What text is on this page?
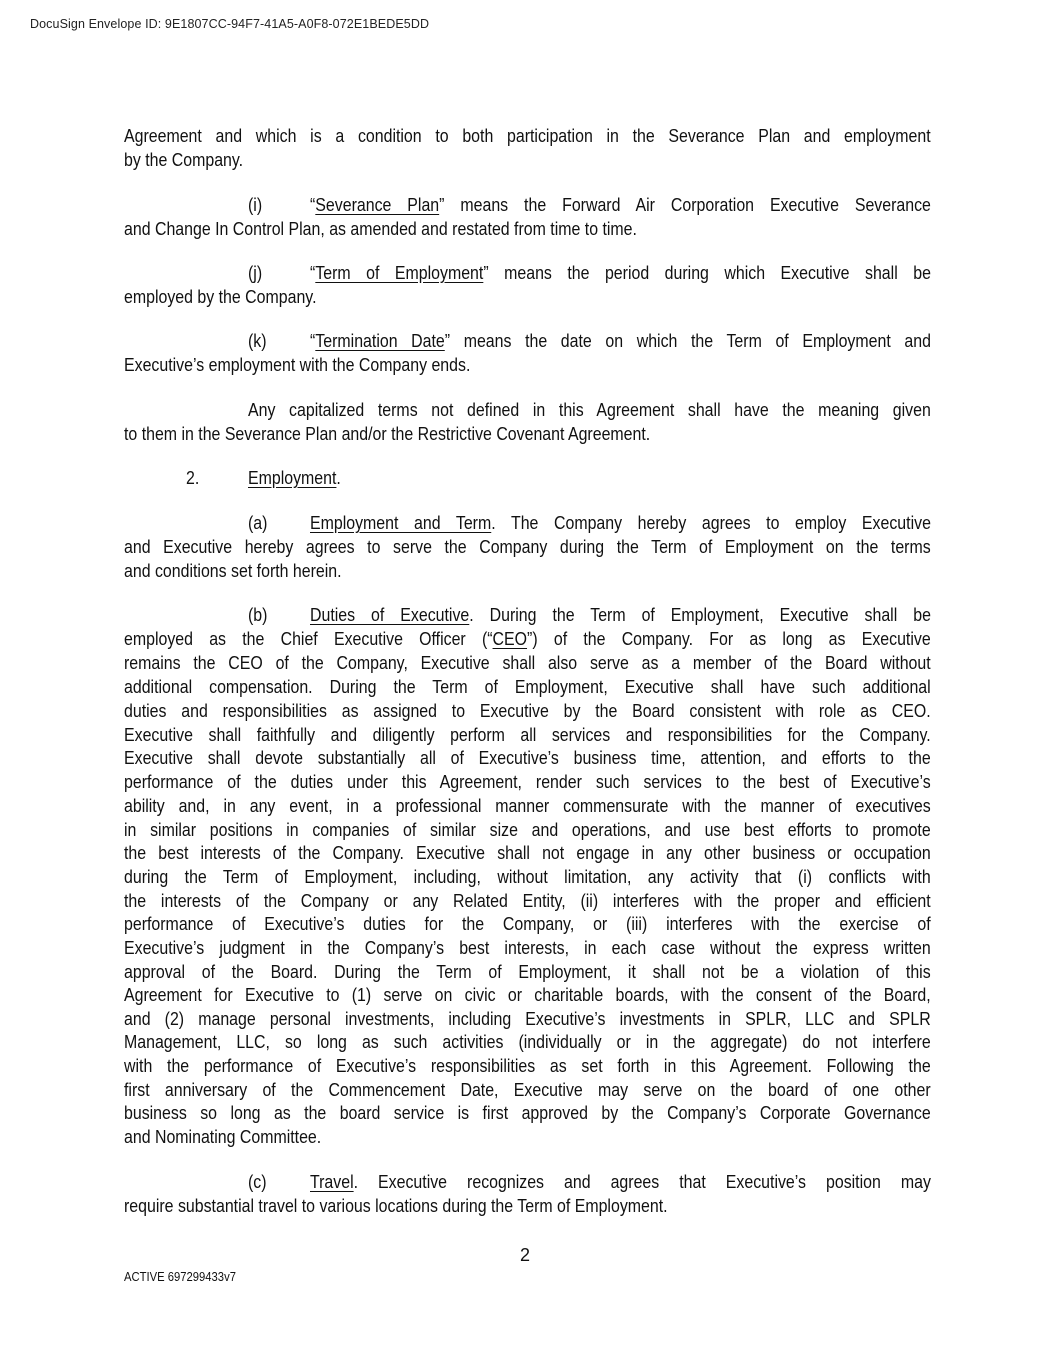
DocuSign Envelope ID: 9E1807CC-94F7-41A5-A0F8-072E1BEDE5DD
Agreement and which is a condition to both participation in the Severance Plan and employment
by the Company.
(i)	“Severance Plan” means the Forward Air Corporation Executive Severance
and Change In Control Plan, as amended and restated from time to time.
(j)	“Term of Employment” means the period during which Executive shall be
employed by the Company.
(k) “Termination Date” means the date on which the Term of Employment and
Executive’s employment with the Company ends.
Any capitalized terms not defined in this Agreement shall have the meaning given
to them in the Severance Plan and/or the Restrictive Covenant Agreement.
2.	Employment.
(a) Employment and Term. The Company hereby agrees to employ Executive
and Executive hereby agrees to serve the Company during the Term of Employment on the terms
and conditions set forth herein.
(b) Duties of Executive. During the Term of Employment, Executive shall be
employed as the Chief Executive Officer (“CEO”) of the Company. For as long as Executive
remains the CEO of the Company, Executive shall also serve as a member of the Board without
additional compensation. During the Term of Employment, Executive shall have such additional
duties and responsibilities as assigned to Executive by the Board consistent with role as CEO.
Executive shall faithfully and diligently perform all services and responsibilities for the Company.
Executive shall devote substantially all of Executive’s business time, attention, and efforts to the
performance of the duties under this Agreement, render such services to the best of Executive’s
ability and, in any event, in a professional manner commensurate with the manner of executives
in similar positions in companies of similar size and operations, and use best efforts to promote
the best interests of the Company. Executive shall not engage in any other business or occupation
during the Term of Employment, including, without limitation, any activity that (i) conflicts with
the interests of the Company or any Related Entity, (ii) interferes with the proper and efficient
performance of Executive’s duties for the Company, or (iii) interferes with the exercise of
Executive’s judgment in the Company’s best interests, in each case without the express written
approval of the Board. During the Term of Employment, it shall not be a violation of this
Agreement for Executive to (1) serve on civic or charitable boards, with the consent of the Board,
and (2) manage personal investments, including Executive’s investments in SPLR, LLC and SPLR
Management, LLC, so long as such activities (individually or in the aggregate) do not interfere
with the performance of Executive’s responsibilities as set forth in this Agreement. Following the
first anniversary of the Commencement Date, Executive may serve on the board of one other
business so long as the board service is first approved by the Company’s Corporate Governance
and Nominating Committee.
(c) Travel. Executive recognizes and agrees that Executive’s position may
require substantial travel to various locations during the Term of Employment.
2
ACTIVE 697299433v7
